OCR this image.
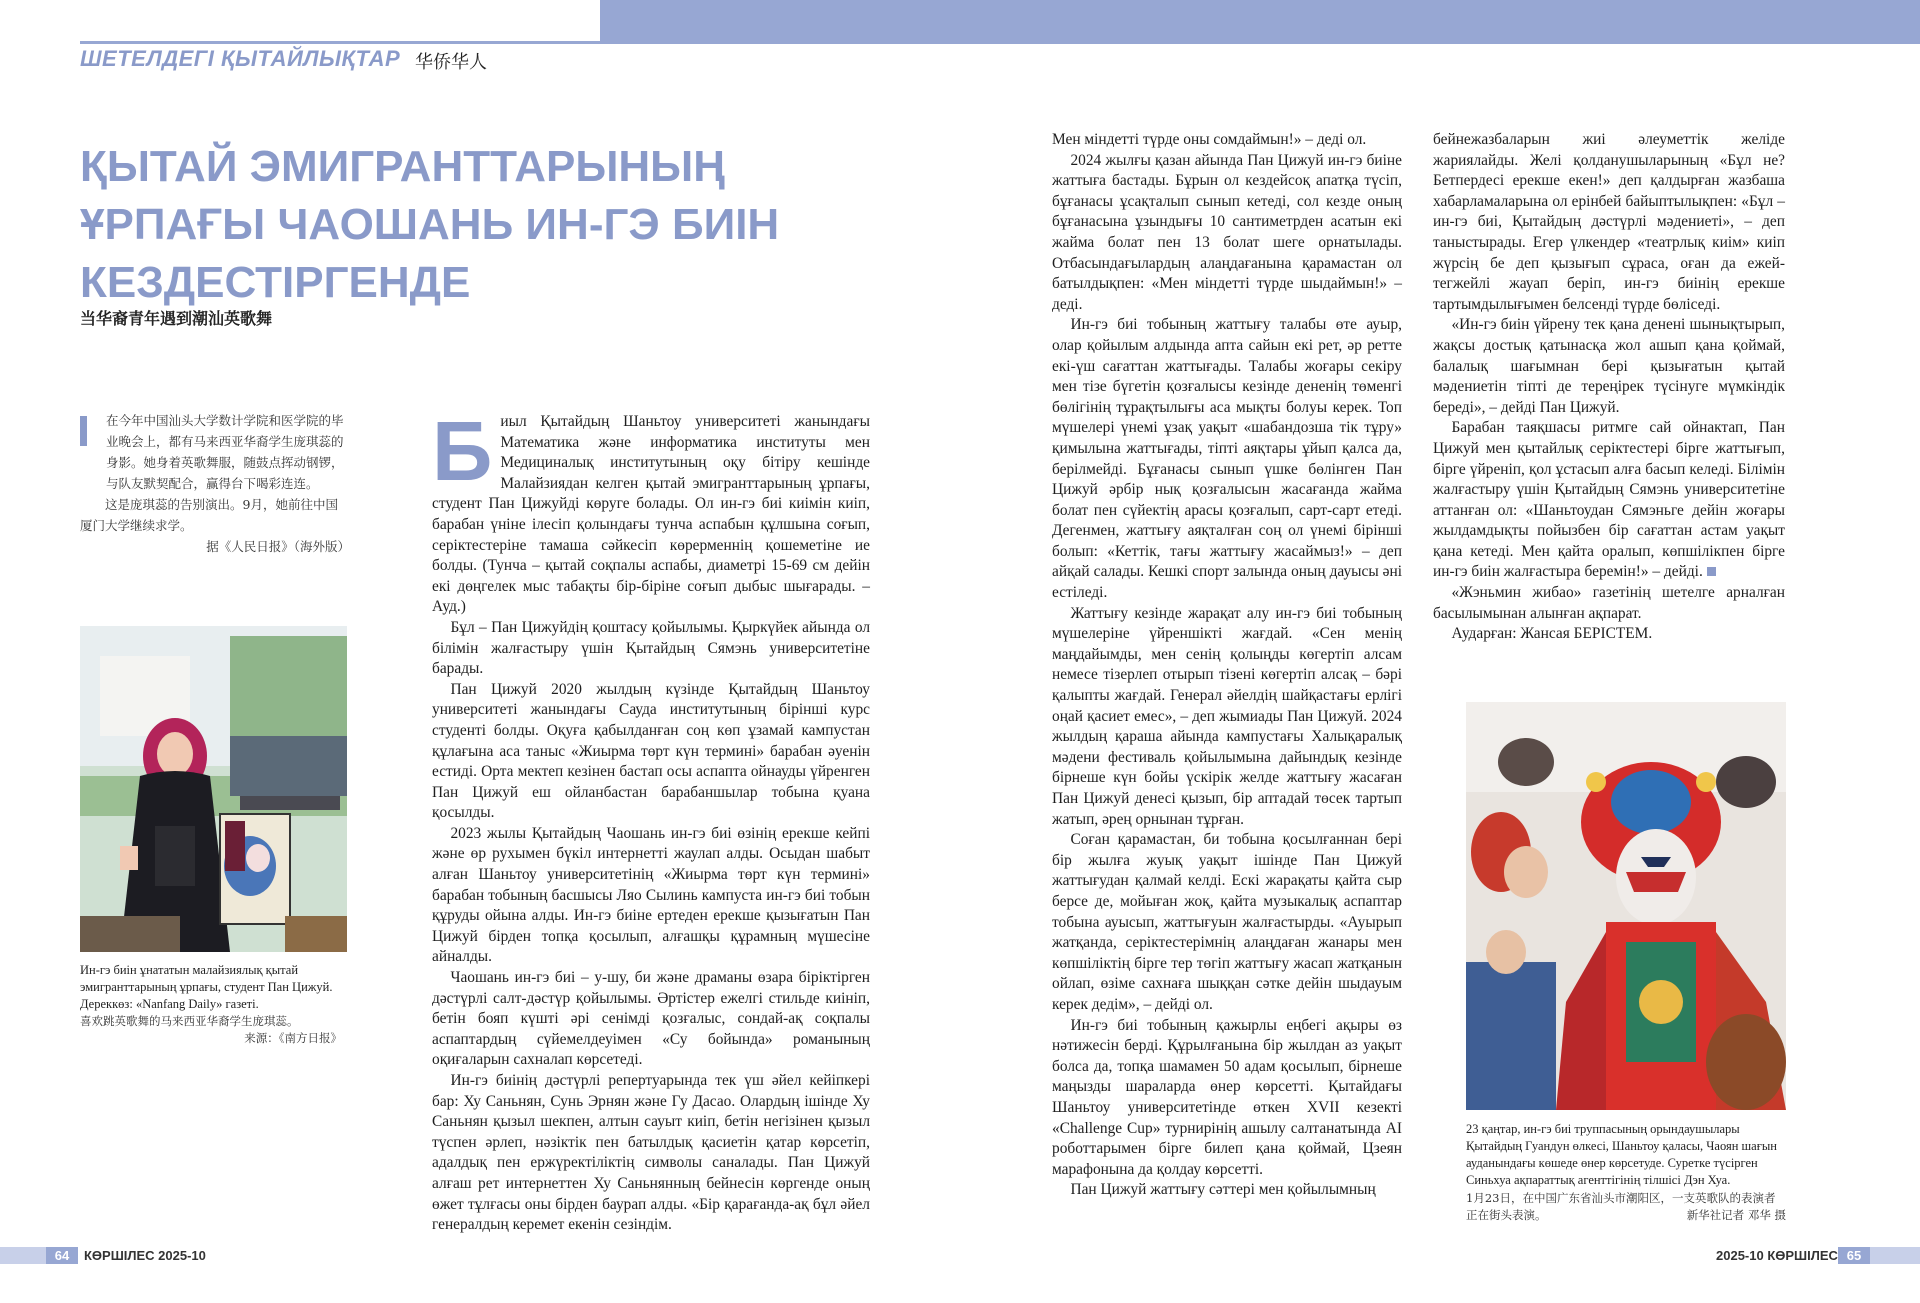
ШЕТЕЛДЕГІ ҚЫТАЙЛЫҚТАР 华侨华人
ҚЫТАЙ ЭМИГРАНТТАРЫНЫҢ ҰРПАҒЫ ЧАОШАНЬ ИН-ГЭ БИІН КЕЗДЕСТІРГЕНДЕ
当华裔青年遇到潮汕英歌舞

在今年中国汕头大学数计学院和医学院的毕业晚会上，都有马来西亚华裔学生庞琪蕊的身影。她身着英歌舞服，随鼓点挥动钢锣，与队友默契配合，赢得台下喝彩连连。

这是庞琪蕊的告别演出。9月，她前往中国厦门大学继续求学。

据《人民日报》（海外版）

Ин-гэ биін ұнататын малайзиялық қытай эмигранттарының ұрпағы, студент Пан Цижуй. Дереккөз: «Nanfang Daily» газеті.
喜欢跳英歌舞的马来西亚华裔学生庞琪蕊。
来源：《南方日报》

Биыл Қытайдың Шаньтоу университеті жанындағы Математика және информатика институты мен Медициналық институтының оқу бітіру кешінде Малайзиядан келген қытай эмигранттарының ұрпағы, студент Пан Цижуйді көруге болады. Ол ин-гэ биі киімін киіп, барабан үніне ілесіп қолындағы тунча аспабын құлшына соғып, серіктестеріне тамаша сәйкесіп көрерменнің қошеметіне ие болды. (Тунча – қытай соқпалы аспабы, диаметрі 15-69 см дейін екі дөңгелек мыс табақты бір-біріне соғып дыбыс шығарады. – Ауд.)

Бұл – Пан Цижуйдің қоштасу қойылымы. Қыркүйек айында ол білімін жалғастыру үшін Қытайдың Сямэнь университетіне барады.

Пан Цижуй 2020 жылдың күзінде Қытайдың Шаньтоу университеті жанындағы Сауда институтының бірінші курс студенті болды. Оқуға қабылданған соң көп ұзамай кампустан құлағына аса таныс «Жиырма төрт күн термині» барабан әуенін естиді. Орта мектеп кезінен бастап осы аспапта ойнауды үйренген Пан Цижуй еш ойланбастан барабаншылар тобына қуана қосылды.

2023 жылы Қытайдың Чаошань ин-гэ биі өзінің ерекше кейпі және өр рухымен бүкіл интернетті жаулап алды. Осыдан шабыт алған Шаньтоу университетінің «Жиырма төрт күн термині» барабан тобының басшысы Ляо Сылинь кампуста ин-гэ биі тобын құруды ойына алды. Ин-гэ биіне ертеден ерекше қызығатын Пан Цижуй бірден топқа қосылып, алғашқы құрамның мүшесіне айналды.

Чаошань ин-гэ биі – у-шу, би және драманы өзара біріктірген дәстүрлі салт-дәстүр қойылымы. Әртістер ежелгі стильде киініп, бетін бояп күшті әрі сенімді қозғалыс, сондай-ақ соқпалы аспаптардың сүйемелдеуімен «Су бойында» романының оқиғаларын сахналап көрсетеді.

Ин-гэ биінің дәстүрлі репертуарында тек үш әйел кейіпкері бар: Ху Саньнян, Сунь Эрнян және Гу Дасао. Олардың ішінде Ху Саньнян қызыл шекпен, алтын сауыт киіп, бетін негізінен қызыл түспен әрлеп, нәзіктік пен батылдық қасиетін қатар көрсетіп, адалдық пен ержүректіліктің символы саналады. Пан Цижуй алғаш рет интернеттен Ху Саньнянның бейнесін көргенде оның өжет тұлғасы оны бірден баурап алды. «Бір қарағанда-ақ бұл әйел генералдың керемет екенін сезіндім.

Мен міндетті түрде оны сомдаймын!» – деді ол.

2024 жылғы қазан айында Пан Цижуй ин-гэ биіне жаттыға бастады. Бұрын ол кездейсоқ апатқа түсіп, бұғанасы ұсақталып сынып кетеді, сол кезде оның бұғанасына ұзындығы 10 сантиметрден асатын екі жайма болат пен 13 болат шеге орнатылады. Отбасындағылардың алаңдағанына қарамастан ол батылдықпен: «Мен міндетті түрде шыдаймын!» – деді.

Ин-гэ биі тобының жаттығу талабы өте ауыр, олар қойылым алдында апта сайын екі рет, әр ретте екі-үш сағаттан жаттығады. Талабы жоғары секіру мен тізе бүгетін қозғалысы кезінде дененің төменгі бөлігінің тұрақтылығы аса мықты болуы керек. Топ мүшелері үнемі ұзақ уақыт «шабандозша тік тұру» қимылына жаттығады, тіпті аяқтары ұйып қалса да, берілмейді. Бұғанасы сынып үшке бөлінген Пан Цижуй әрбір нық қозғалысын жасағанда жайма болат пен сүйектің арасы қозғалып, сарт-сарт етеді. Дегенмен, жаттығу аяқталған соң ол үнемі бірінші болып: «Кеттік, тағы жаттығу жасаймыз!» – деп айқай салады. Кешкі спорт залында оның дауысы әні естіледі.

Жаттығу кезінде жарақат алу ин-гэ биі тобының мүшелеріне үйреншікті жағдай. «Сен менің маңдайымды, мен сенің қолыңды көгертіп алсам немесе тізерлеп отырып тізені көгертіп алсақ – бәрі қалыпты жағдай. Генерал әйелдің шайқастағы ерлігі оңай қасиет емес», – деп жымиады Пан Цижуй. 2024 жылдың қараша айында кампустағы Халықаралық мәдени фестиваль қойылымына дайындық кезінде бірнеше күн бойы үскірік желде жаттығу жасаған Пан Цижуй денесі қызып, бір аптадай төсек тартып жатып, әрең орнынан тұрған.

Соған қарамастан, би тобына қосылғаннан бері бір жылға жуық уақыт ішінде Пан Цижуй жаттығудан қалмай келді. Ескі жарақаты қайта сыр берсе де, мойыған жоқ, қайта музыкалық аспаптар тобына ауысып, жаттығуын жалғастырды. «Ауырып жатқанда, серіктестерімнің алаңдаған жанары мен көпшіліктің бірге тер төгіп жаттығу жасап жатқанын ойлап, өзіме сахнаға шыққан сәтке дейін шыдауым керек дедім», – дейді ол.

Ин-гэ биі тобының қажырлы еңбегі ақыры өз нәтижесін берді. Құрылғанына бір жылдан аз уақыт болса да, топқа шамамен 50 адам қосылып, бірнеше маңызды шараларда өнер көрсетті. Қытайдағы Шаньтоу университетінде өткен XVII кезекті «Challenge Cup» турнирінің ашылу салтанатында AI роботтарымен бірге билеп қана қоймай, Цзеян марафонына да қолдау көрсетті.

Пан Цижуй жаттығу сәттері мен қойылымның

бейнежазбаларын жиі әлеуметтік желіде жариялайды. Желі қолданушыларының «Бұл не? Бетпердесі ерекше екен!» деп қалдырған жазбаша хабарламаларына ол ерінбей байыптылықпен: «Бұл – ин-гэ биі, Қытайдың дәстүрлі мәдениеті», – деп таныстырады. Егер үлкендер «театрлық киім» киіп жүрсің бе деп қызығып сұраса, оған да ежей-тегжейлі жауап беріп, ин-гэ биінің ерекше тартымдылығымен белсенді түрде бөліседі.

«Ин-гэ биін үйрену тек қана денені шынықтырып, жақсы достық қатынасқа жол ашып қана қоймай, балалық шағымнан бері қызығатын қытай мәдениетін тіпті де тереңірек түсінуге мүмкіндік береді», – дейді Пан Цижуй.

Барабан таяқшасы ритмге сай ойнактап, Пан Цижуй мен қытайлық серіктестері бірге жаттығып, бірге үйреніп, қол ұстасып алға басып келеді. Білімін жалғастыру үшін Қытайдың Сямэнь университетіне аттанған ол: «Шаньтоудан Сямэньге дейін жоғары жылдамдықты пойызбен бір сағаттан астам уақыт қана кетеді. Мен қайта оралып, көпшілікпен бірге ин-гэ биін жалғастыра беремін!» – дейді.

«Жэньмин жибао» газетінің шетелге арналған басылымынан алынған ақпарат.

Аударған: Жансая БЕРІСТЕМ.

23 қаңтар, ин-гэ биі труппасының орындаушылары Қытайдың Гуандун өлкесі, Шаньтоу қаласы, Чаоян шағын ауданындағы көшеде өнер көрсетуде. Суретке түсірген Синьхуа ақпараттық агенттігінің тілшісі Дэн Хуа.
1月23日，在中国广东省汕头市潮阳区，一支英歌队的表演者正在街头表演。	新华社记者 邓华 摄
64	КӨРШІЛЕС 2025-10	2025-10 КӨРШІЛЕС 65
